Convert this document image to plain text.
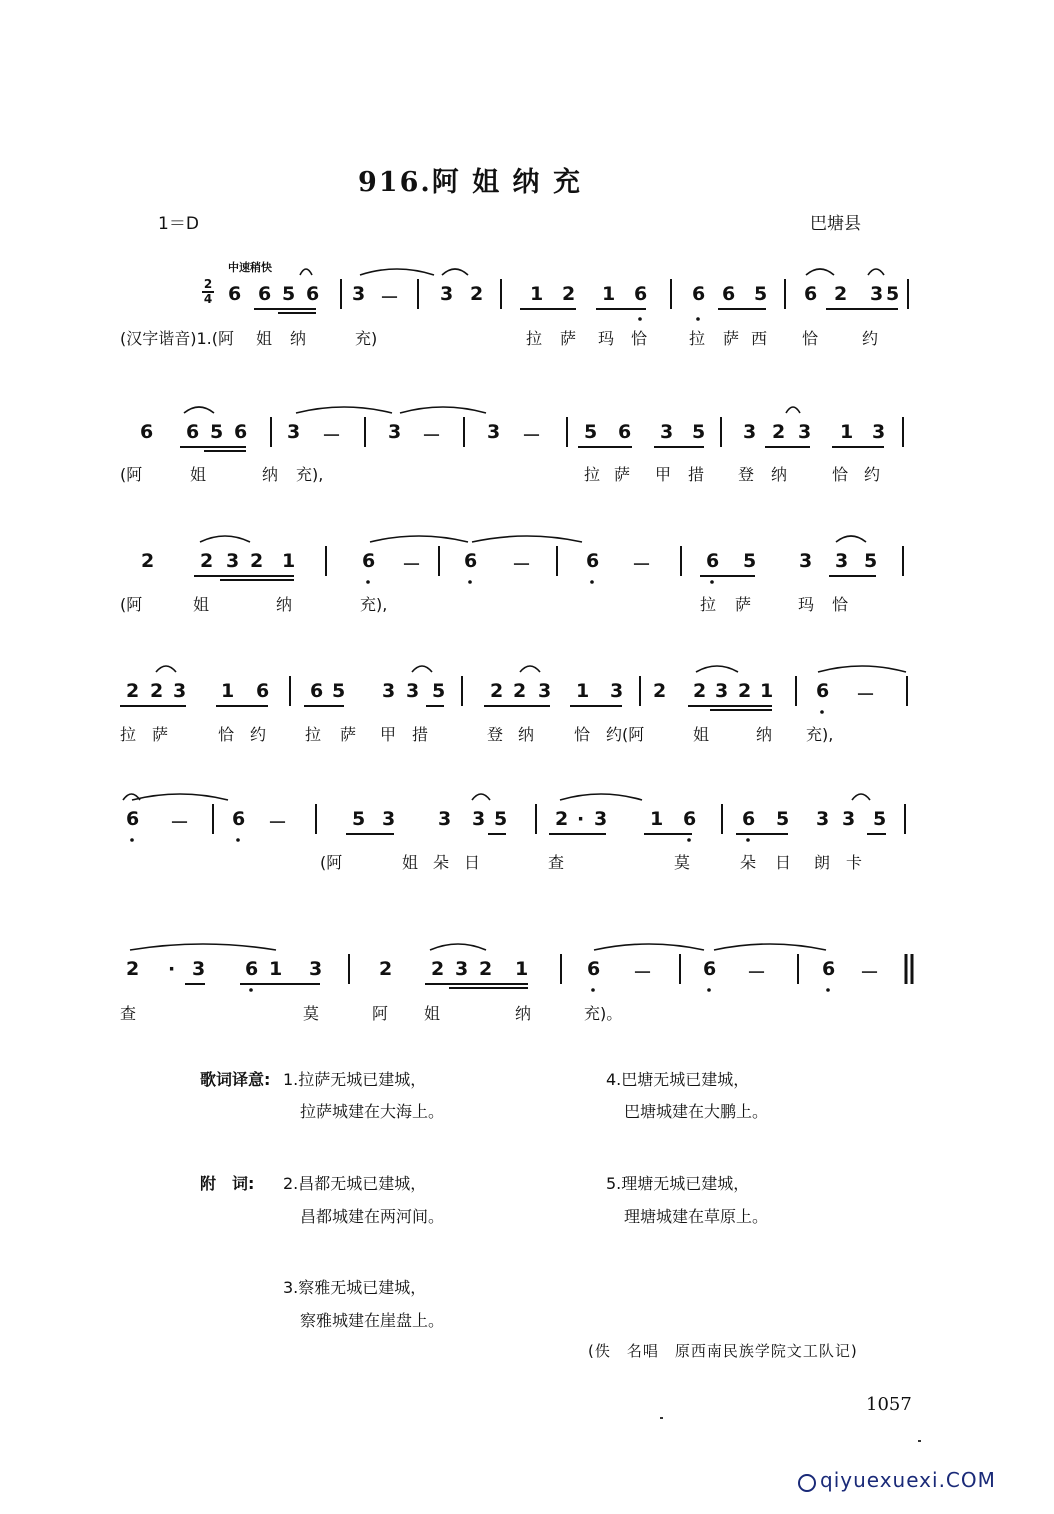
916.阿 姐 纳 充
1＝D	巴塘县
中速稍快
2
4 6 6 5 6 3 － 3 2 1 2 1 6 6 6 5 6 2 3 5
(汉字谐音)1.(阿 姐 纳	充)	拉 萨 玛 恰	拉 萨 西 恰	约
6 6 5 6 3 － 3 － 3 － 5 6 3 5 3 2 3 1 3
(阿	姐	纳 充),	拉 萨 甲 措 登 纳	恰 约
2 2 3 2 1	6 － 6 －	6 －	6 5 3 3 5
(阿	姐	纳	充),	拉 萨	玛 恰
2 2 3 1 6 6 5 3 3 5 2 2 3 1 3 2 2 3 2 1 6 －
拉 萨	恰 约 拉 萨 甲 措	登 纳 恰 约(阿	姐	纳 充),
6 － 6 －	5 3 3 3 5	2 · 3 1 6 6 5 3 3 5
(阿	姐 朵 日	查	莫	朵 日 朗 卡
2 · 3 6 1 3	2 2 3 2 1	6 －	6 －	6 －
查	莫	阿 姐	纳	充)。
歌词译意: 1.拉萨无城已建城，
拉萨城建在大海上。
4.巴塘无城已建城，
巴塘城建在大鹏上。
附　词: 2.昌都无城已建城，
昌都城建在两河间。
5.理塘无城已建城，
理塘城建在草原上。
3.察雅无城已建城，
察雅城建在崖盘上。
(佚　名唱　原西南民族学院文工队记)
1057
qiyuexuexi.COM
